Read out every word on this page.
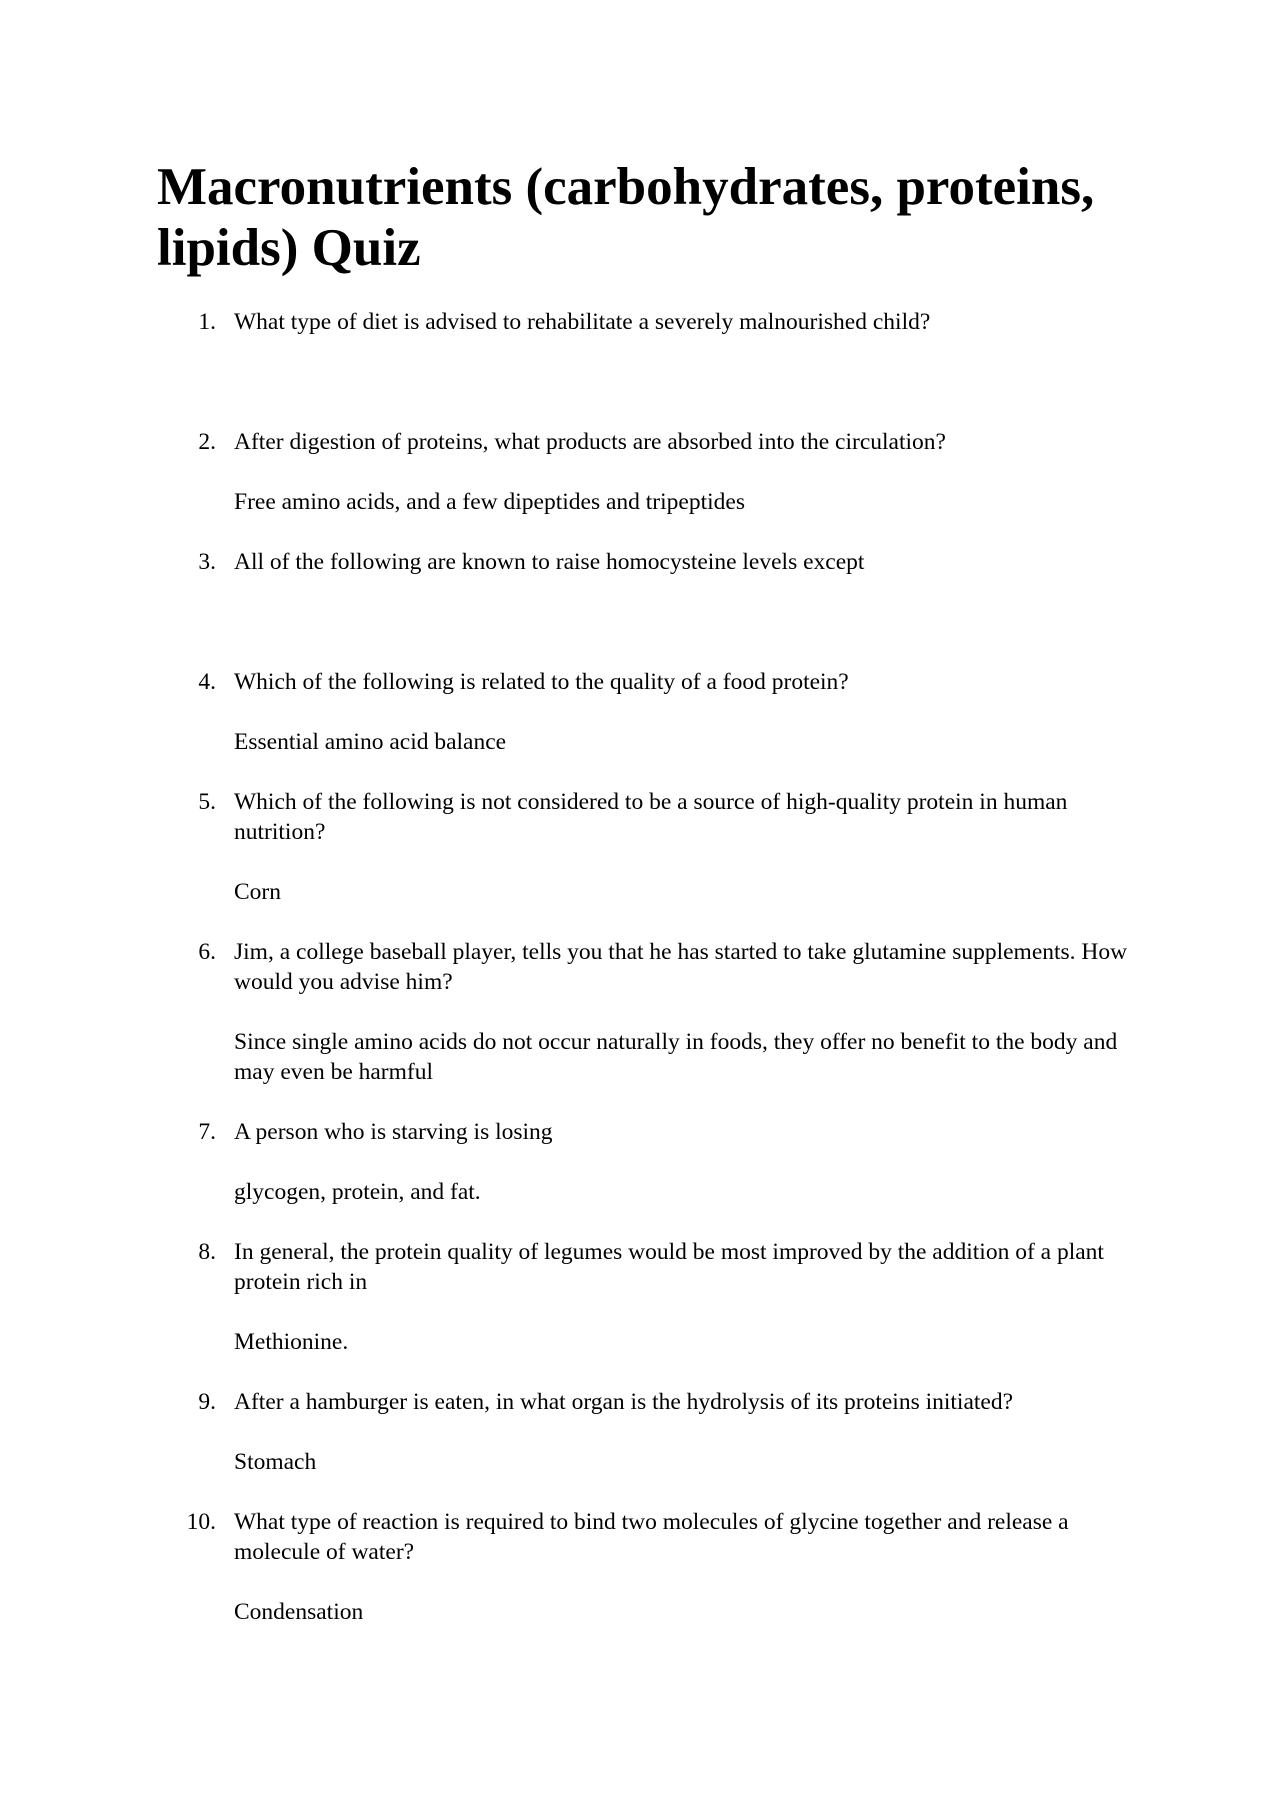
Macronutrients (carbohydrates, proteins, lipids) Quiz
1. What type of diet is advised to rehabilitate a severely malnourished child?
2. After digestion of proteins, what products are absorbed into the circulation?
Free amino acids, and a few dipeptides and tripeptides
3. All of the following are known to raise homocysteine levels except
4. Which of the following is related to the quality of a food protein?
Essential amino acid balance
5. Which of the following is not considered to be a source of high-quality protein in human nutrition?
Corn
6. Jim, a college baseball player, tells you that he has started to take glutamine supplements. How would you advise him?
Since single amino acids do not occur naturally in foods, they offer no benefit to the body and may even be harmful
7. A person who is starving is losing
glycogen, protein, and fat.
8. In general, the protein quality of legumes would be most improved by the addition of a plant protein rich in
Methionine.
9. After a hamburger is eaten, in what organ is the hydrolysis of its proteins initiated?
Stomach
10. What type of reaction is required to bind two molecules of glycine together and release a molecule of water?
Condensation
